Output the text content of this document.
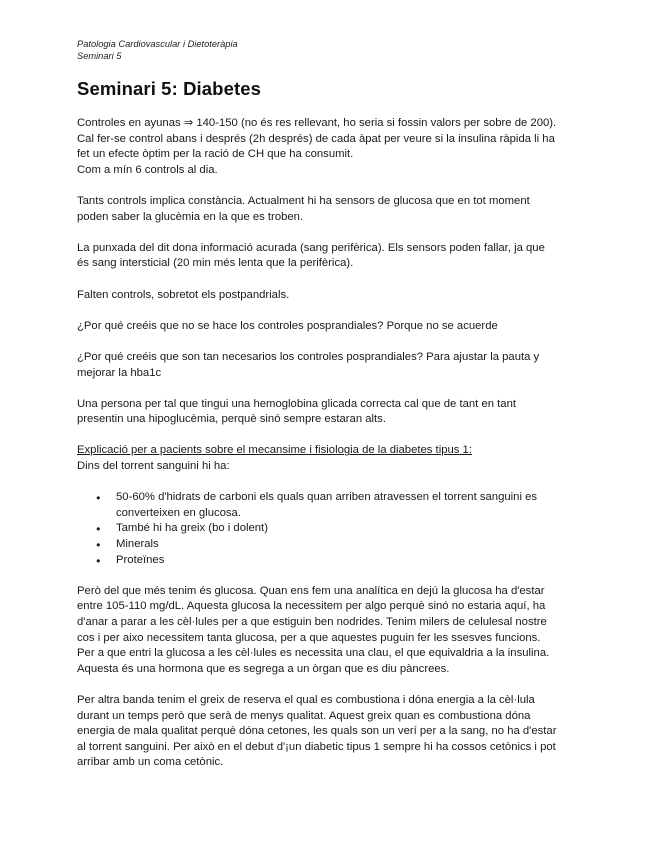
Patologia Cardiovascular i Dietoteràpia
Seminari 5
Seminari 5: Diabetes

Controles en ayunas ⇒ 140-150 (no és res rellevant, ho seria si fossin valors per sobre de 200).
Cal fer-se control abans i després (2h després) de cada àpat per veure si la insulina ràpida li ha
fet un efecte òptim per la ració de CH que ha consumit.
Com a mín 6 controls al dia.

Tants controls implica constància. Actualment hi ha sensors de glucosa que en tot moment
poden saber la glucèmia en la que es troben.

La punxada del dit dona informació acurada (sang perifèrica). Els sensors poden fallar, ja que
és sang intersticial (20 min més lenta que la perifèrica).

Falten controls, sobretot els postpandrials.

¿Por qué creéis que no se hace los controles posprandiales? Porque no se acuerde

¿Por qué creéis que son tan necesarios los controles posprandiales? Para ajustar la pauta y
mejorar la hba1c

Una persona per tal que tingui una hemoglobina glicada correcta cal que de tant en tant
presentin una hipoglucèmia, perquè sinó sempre estaran alts.

Explicació per a pacients sobre el mecansime i fisiologia de la diabetes tipus 1:
Dins del torrent sanguini hi ha:

● 50-60% d'hidrats de carboni els quals quan arriben atravessen el torrent sanguini es
converteixen en glucosa.
● També hi ha greix (bo i dolent)
● Minerals
● Proteïnes

Però del que més tenim és glucosa. Quan ens fem una analítica en dejú la glucosa ha d'estar
entre 105-110 mg/dL. Aquesta glucosa la necessitem per algo perquè sinó no estaria aquí, ha
d'anar a parar a les cèl·lules per a que estiguin ben nodrides. Tenim milers de celulesal nostre
cos i per aixo necessitem tanta glucosa, per a que aquestes puguin fer les ssesves funcions.
Per a que entri la glucosa a les cèl·lules es necessita una clau, el que equivaldria a la insulina.
Aquesta és una hormona que es segrega a un òrgan que es diu pàncrees.

Per altra banda tenim el greix de reserva el qual es combustiona i dóna energia a la cèl·lula
durant un temps però que serà de menys qualitat. Aquest greix quan es combustiona dóna
energia de mala qualitat perquè dóna cetones, les quals son un verí per a la sang, no ha d'estar
al torrent sanguini. Per això en el debut d'¡un diabetic tipus 1 sempre hi ha cossos cetònics i pot
arribar amb un coma cetònic.
